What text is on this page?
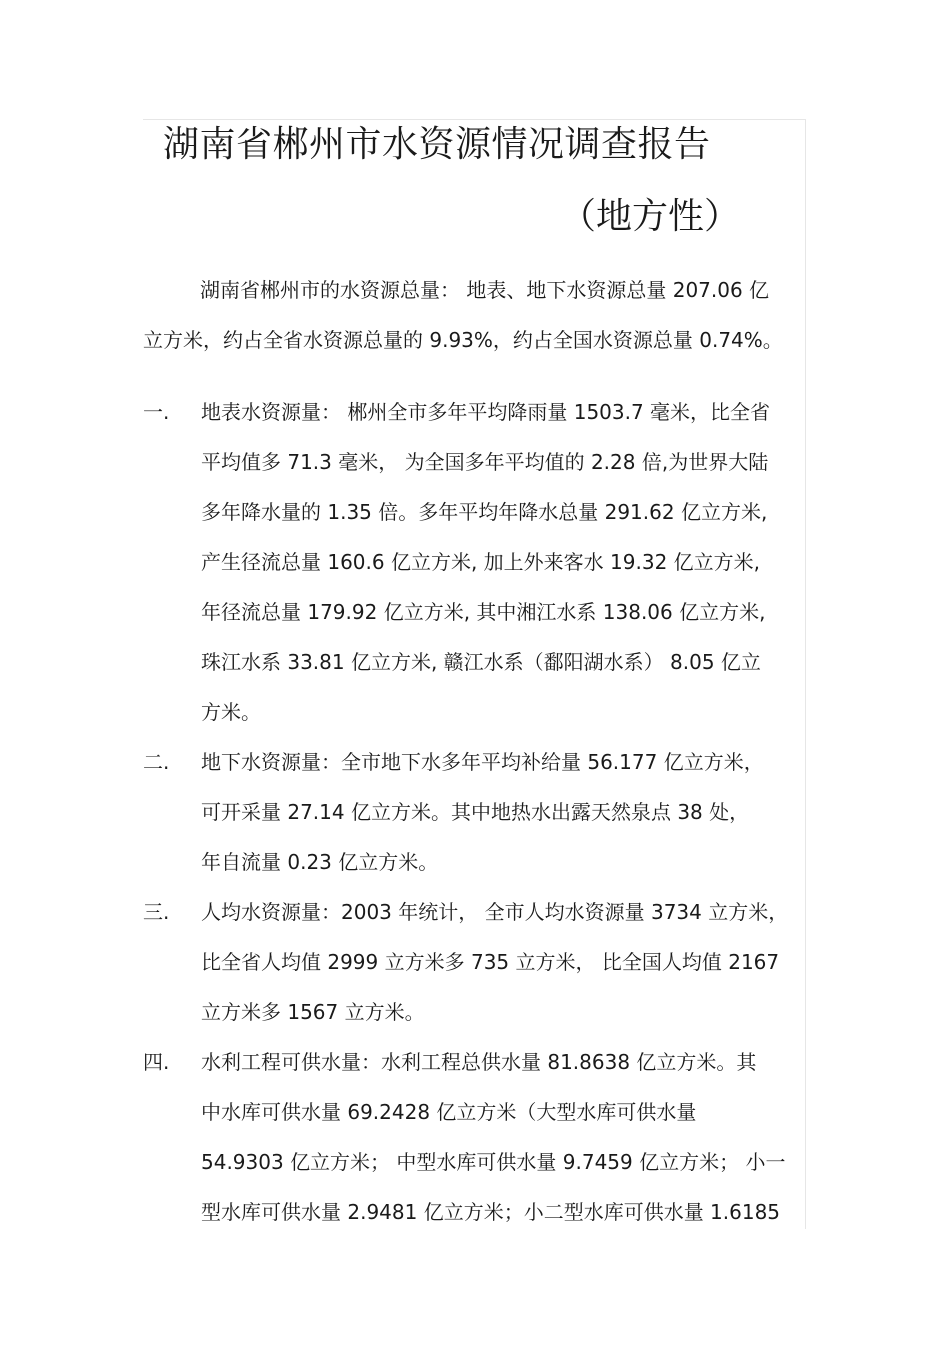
湖南省郴州市水资源情况调查报告
（地方性）
湖南省郴州市的水资源总量： 地表、地下水资源总量 207.06 亿
立方米，约占全省水资源总量的 9.93%，约占全国水资源总量 0.74%。
一. 地表水资源量： 郴州全市多年平均降雨量 1503.7 毫米，比全省
平均值多 71.3 毫米， 为全国多年平均值的 2.28 倍,为世界大陆
多年降水量的 1.35 倍。多年平均年降水总量 291.62 亿立方米,
产生径流总量 160.6 亿立方米, 加上外来客水 19.32 亿立方米,
年径流总量 179.92 亿立方米, 其中湘江水系 138.06 亿立方米,
珠江水系 33.81 亿立方米, 赣江水系（鄱阳湖水系） 8.05 亿立
方米。
二. 地下水资源量：全市地下水多年平均补给量 56.177 亿立方米，
可开采量 27.14 亿立方米。其中地热水出露天然泉点 38 处，
年自流量 0.23 亿立方米。
三. 人均水资源量：2003 年统计， 全市人均水资源量 3734 立方米，
比全省人均值 2999 立方米多 735 立方米， 比全国人均值 2167
立方米多 1567 立方米。
四. 水利工程可供水量：水利工程总供水量 81.8638 亿立方米。其
中水库可供水量 69.2428 亿立方米（大型水库可供水量
54.9303 亿立方米； 中型水库可供水量 9.7459 亿立方米； 小一
型水库可供水量 2.9481 亿立方米；小二型水库可供水量 1.6185
